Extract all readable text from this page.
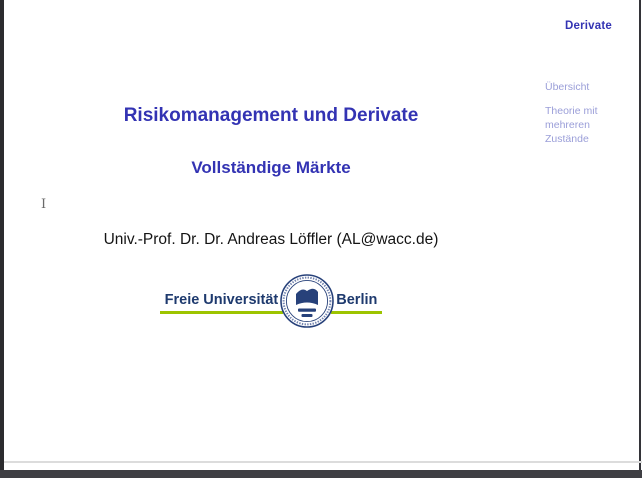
Derivate
Übersicht
Theorie mit mehreren Zustände
Risikomanagement und Derivate
Vollständige Märkte
I
Univ.-Prof. Dr. Dr. Andreas Löffler (AL@wacc.de)
Freie Universität	Berlin
